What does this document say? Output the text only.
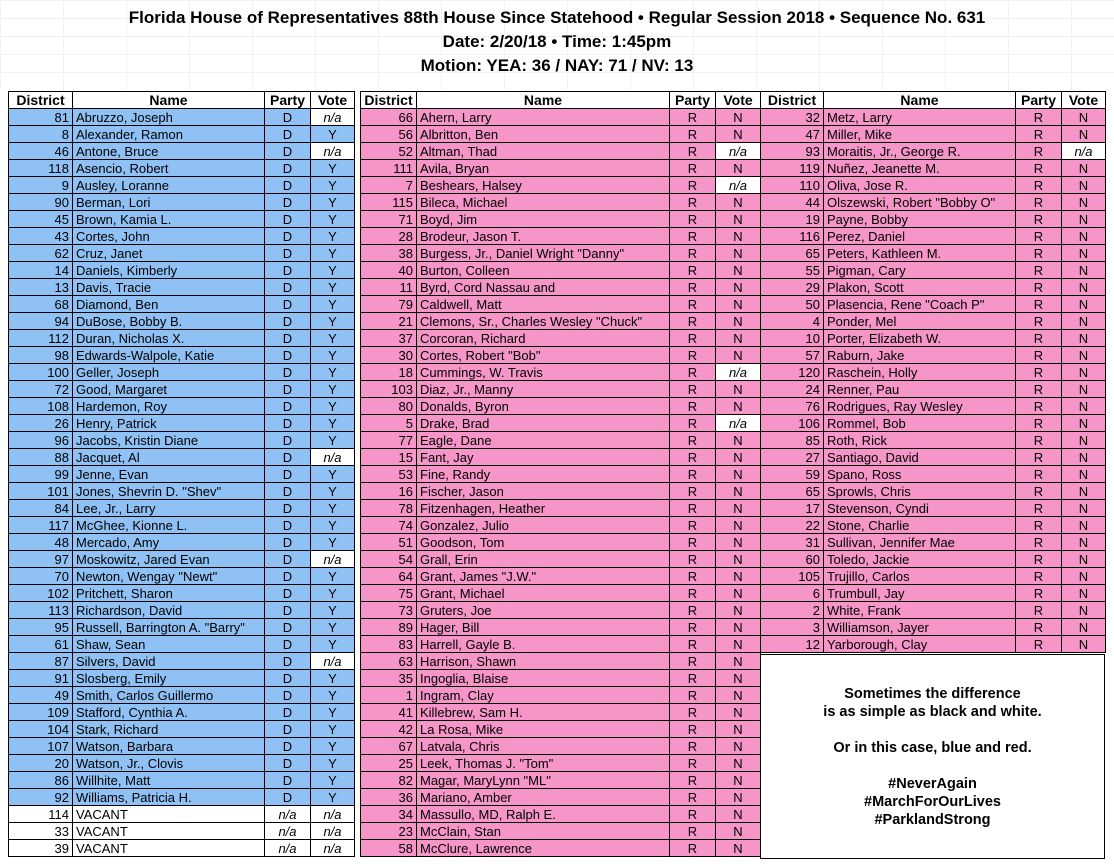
Florida House of Representatives 88th House Since Statehood • Regular Session 2018 • Sequence No. 631
Date: 2/20/18 • Time: 1:45pm
Motion: YEA: 36 / NAY: 71 / NV: 13
District	Name	Party	Vote
81	Abruzzo, Joseph	D	n/a
8	Alexander, Ramon	D	Y
46	Antone, Bruce	D	n/a
118	Asencio, Robert	D	Y
9	Ausley, Loranne	D	Y
90	Berman, Lori	D	Y
45	Brown, Kamia L.	D	Y
43	Cortes, John	D	Y
62	Cruz, Janet	D	Y
14	Daniels, Kimberly	D	Y
13	Davis, Tracie	D	Y
68	Diamond, Ben	D	Y
94	DuBose, Bobby B.	D	Y
112	Duran, Nicholas X.	D	Y
98	Edwards-Walpole, Katie	D	Y
100	Geller, Joseph	D	Y
72	Good, Margaret	D	Y
108	Hardemon, Roy	D	Y
26	Henry, Patrick	D	Y
96	Jacobs, Kristin Diane	D	Y
88	Jacquet, Al	D	n/a
99	Jenne, Evan	D	Y
101	Jones, Shevrin D. "Shev"	D	Y
84	Lee, Jr., Larry	D	Y
117	McGhee, Kionne L.	D	Y
48	Mercado, Amy	D	Y
97	Moskowitz, Jared Evan	D	n/a
70	Newton, Wengay "Newt"	D	Y
102	Pritchett, Sharon	D	Y
113	Richardson, David	D	Y
95	Russell, Barrington A. "Barry"	D	Y
61	Shaw, Sean	D	Y
87	Silvers, David	D	n/a
91	Slosberg, Emily	D	Y
49	Smith, Carlos Guillermo	D	Y
109	Stafford, Cynthia A.	D	Y
104	Stark, Richard	D	Y
107	Watson, Barbara	D	Y
20	Watson, Jr., Clovis	D	Y
86	Willhite, Matt	D	Y
92	Williams, Patricia H.	D	Y
114	VACANT	n/a	n/a
33	VACANT	n/a	n/a
39	VACANT	n/a	n/a
District	Name	Party	Vote
66	Ahern, Larry	R	N
56	Albritton, Ben	R	N
52	Altman, Thad	R	n/a
111	Avila, Bryan	R	N
7	Beshears, Halsey	R	n/a
115	Bileca, Michael	R	N
71	Boyd, Jim	R	N
28	Brodeur, Jason T.	R	N
38	Burgess, Jr., Daniel Wright "Danny"	R	N
40	Burton, Colleen	R	N
11	Byrd, Cord Nassau and	R	N
79	Caldwell, Matt	R	N
21	Clemons, Sr., Charles Wesley "Chuck"	R	N
37	Corcoran, Richard	R	N
30	Cortes, Robert "Bob"	R	N
18	Cummings, W. Travis	R	n/a
103	Diaz, Jr., Manny	R	N
80	Donalds, Byron	R	N
5	Drake, Brad	R	n/a
77	Eagle, Dane	R	N
15	Fant, Jay	R	N
53	Fine, Randy	R	N
16	Fischer, Jason	R	N
78	Fitzenhagen, Heather	R	N
74	Gonzalez, Julio	R	N
51	Goodson, Tom	R	N
54	Grall, Erin	R	N
64	Grant, James "J.W."	R	N
75	Grant, Michael	R	N
73	Gruters, Joe	R	N
89	Hager, Bill	R	N
83	Harrell, Gayle B.	R	N
63	Harrison, Shawn	R	N
35	Ingoglia, Blaise	R	N
1	Ingram, Clay	R	N
41	Killebrew, Sam H.	R	N
42	La Rosa, Mike	R	N
67	Latvala, Chris	R	N
25	Leek, Thomas J. "Tom"	R	N
82	Magar, MaryLynn "ML"	R	N
36	Mariano, Amber	R	N
34	Massullo, MD, Ralph E.	R	N
23	McClain, Stan	R	N
58	McClure, Lawrence	R	N
District	Name	Party	Vote
32	Metz, Larry	R	N
47	Miller, Mike	R	N
93	Moraitis, Jr., George R.	R	n/a
119	Nuñez, Jeanette M.	R	N
110	Oliva, Jose R.	R	N
44	Olszewski, Robert "Bobby O"	R	N
19	Payne, Bobby	R	N
116	Perez, Daniel	R	N
65	Peters, Kathleen M.	R	N
55	Pigman, Cary	R	N
29	Plakon, Scott	R	N
50	Plasencia, Rene "Coach P"	R	N
4	Ponder, Mel	R	N
10	Porter, Elizabeth W.	R	N
57	Raburn, Jake	R	N
120	Raschein, Holly	R	N
24	Renner, Pau	R	N
76	Rodrigues, Ray Wesley	R	N
106	Rommel, Bob	R	N
85	Roth, Rick	R	N
27	Santiago, David	R	N
59	Spano, Ross	R	N
65	Sprowls, Chris	R	N
17	Stevenson, Cyndi	R	N
22	Stone, Charlie	R	N
31	Sullivan, Jennifer Mae	R	N
60	Toledo, Jackie	R	N
105	Trujillo, Carlos	R	N
6	Trumbull, Jay	R	N
2	White, Frank	R	N
3	Williamson, Jayer	R	N
12	Yarborough, Clay	R	N

Sometimes the difference

is as simple as black and white.

Or in this case, blue and red.

#NeverAgain

#MarchForOurLives

#ParklandStrong
